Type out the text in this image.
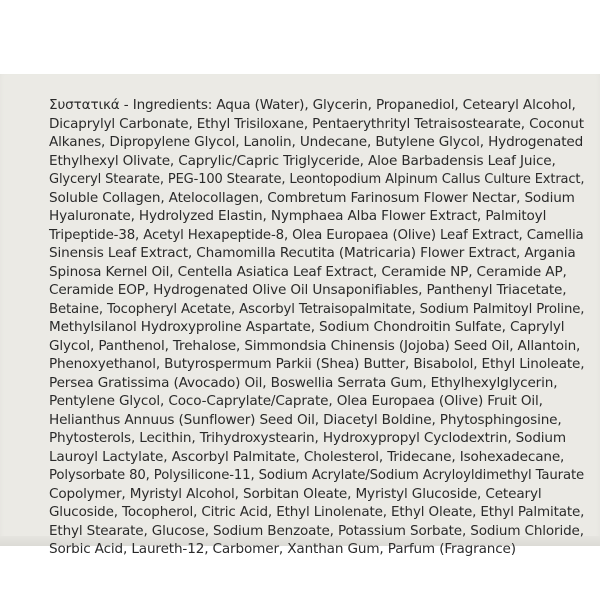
Συστατικά - Ingredients: Aqua (Water), Glycerin, Propanediol, Cetearyl Alcohol,
Dicaprylyl Carbonate, Ethyl Trisiloxane, Pentaerythrityl Tetraisostearate, Coconut
Alkanes, Dipropylene Glycol, Lanolin, Undecane, Butylene Glycol, Hydrogenated
Ethylhexyl Olivate, Caprylic/Capric Triglyceride, Aloe Barbadensis Leaf Juice,
Glyceryl Stearate, PEG-100 Stearate, Leontopodium Alpinum Callus Culture Extract,
Soluble Collagen, Atelocollagen, Combretum Farinosum Flower Nectar, Sodium
Hyaluronate, Hydrolyzed Elastin, Nymphaea Alba Flower Extract, Palmitoyl
Tripeptide-38, Acetyl Hexapeptide-8, Olea Europaea (Olive) Leaf Extract, Camellia
Sinensis Leaf Extract, Chamomilla Recutita (Matricaria) Flower Extract, Argania
Spinosa Kernel Oil, Centella Asiatica Leaf Extract, Ceramide NP, Ceramide AP,
Ceramide EOP, Hydrogenated Olive Oil Unsaponifiables, Panthenyl Triacetate,
Betaine, Tocopheryl Acetate, Ascorbyl Tetraisopalmitate, Sodium Palmitoyl Proline,
Methylsilanol Hydroxyproline Aspartate, Sodium Chondroitin Sulfate, Caprylyl
Glycol, Panthenol, Trehalose, Simmondsia Chinensis (Jojoba) Seed Oil, Allantoin,
Phenoxyethanol, Butyrospermum Parkii (Shea) Butter, Bisabolol, Ethyl Linoleate,
Persea Gratissima (Avocado) Oil, Boswellia Serrata Gum, Ethylhexylglycerin,
Pentylene Glycol, Coco-Caprylate/Caprate, Olea Europaea (Olive) Fruit Oil,
Helianthus Annuus (Sunflower) Seed Oil, Diacetyl Boldine, Phytosphingosine,
Phytosterols, Lecithin, Trihydroxystearin, Hydroxypropyl Cyclodextrin, Sodium
Lauroyl Lactylate, Ascorbyl Palmitate, Cholesterol, Tridecane, Isohexadecane,
Polysorbate 80, Polysilicone-11, Sodium Acrylate/Sodium Acryloyldimethyl Taurate
Copolymer, Myristyl Alcohol, Sorbitan Oleate, Myristyl Glucoside, Cetearyl
Glucoside, Tocopherol, Citric Acid, Ethyl Linolenate, Ethyl Oleate, Ethyl Palmitate,
Ethyl Stearate, Glucose, Sodium Benzoate, Potassium Sorbate, Sodium Chloride,
Sorbic Acid, Laureth-12, Carbomer, Xanthan Gum, Parfum (Fragrance)
